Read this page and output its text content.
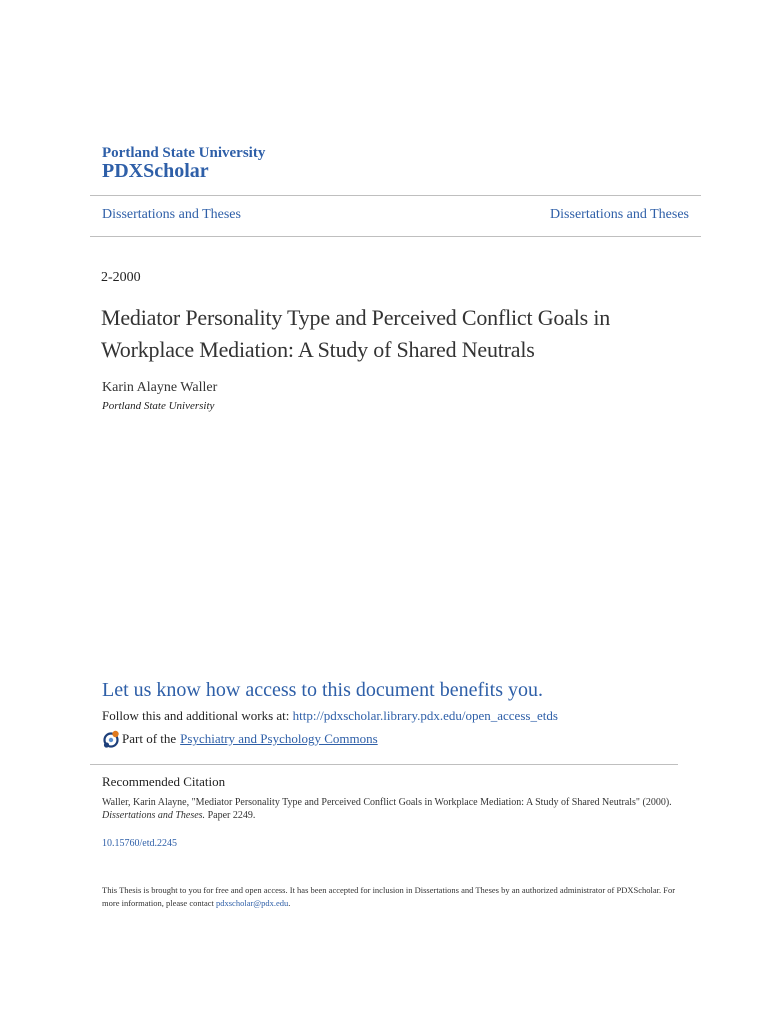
Portland State University
PDXScholar
Dissertations and Theses	Dissertations and Theses
2-2000
Mediator Personality Type and Perceived Conflict Goals in Workplace Mediation: A Study of Shared Neutrals
Karin Alayne Waller
Portland State University
Let us know how access to this document benefits you.
Follow this and additional works at: http://pdxscholar.library.pdx.edu/open_access_etds
Part of the Psychiatry and Psychology Commons
Recommended Citation
Waller, Karin Alayne, "Mediator Personality Type and Perceived Conflict Goals in Workplace Mediation: A Study of Shared Neutrals" (2000). Dissertations and Theses. Paper 2249.
10.15760/etd.2245
This Thesis is brought to you for free and open access. It has been accepted for inclusion in Dissertations and Theses by an authorized administrator of PDXScholar. For more information, please contact pdxscholar@pdx.edu.
